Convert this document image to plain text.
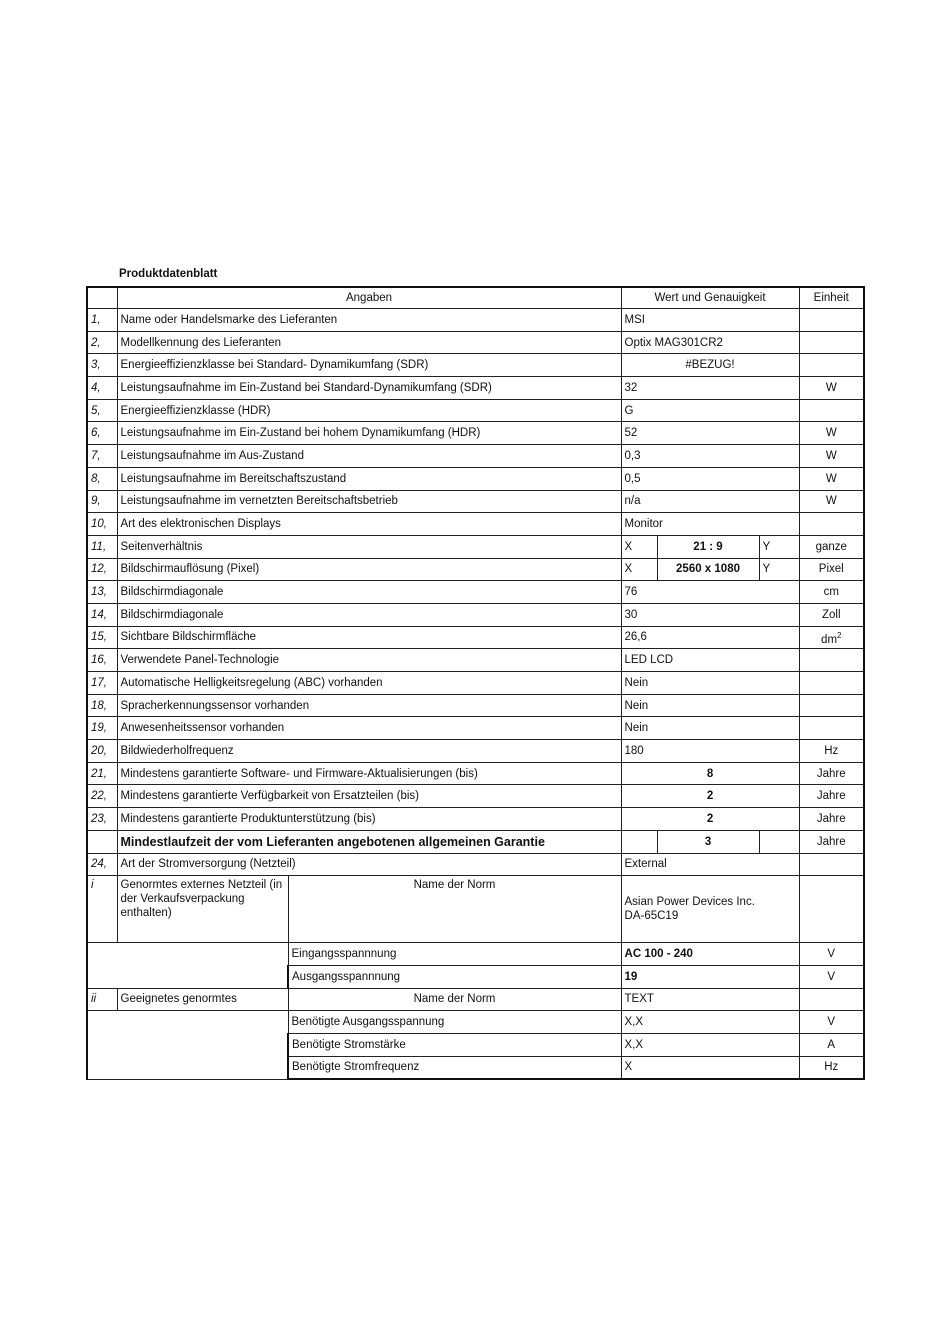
Produktdatenblatt
	Angaben		Wert und Genauigkeit			Einheit
1,	Name oder Handelsmarke des Lieferanten		MSI			
2,	Modellkennung des Lieferanten		Optix MAG301CR2			
3,	Energieeffizienzklasse bei Standard- Dynamikumfang (SDR)		#BEZUG!			
4,	Leistungsaufnahme im Ein-Zustand bei Standard-Dynamikumfang (SDR)		32			W
5,	Energieeffizienzklasse (HDR)		G			
6,	Leistungsaufnahme im Ein-Zustand bei hohem Dynamikumfang (HDR)		52			W
7,	Leistungsaufnahme im Aus-Zustand		0,3			W
8,	Leistungsaufnahme im Bereitschaftszustand		0,5			W
9,	Leistungsaufnahme im vernetzten Bereitschaftsbetrieb		n/a			W
10,	Art des elektronischen Displays		Monitor			
11,	Seitenverhältnis		X	21 : 9	Y	ganze
12,	Bildschirmauflösung (Pixel)		X	2560 x 1080	Y	Pixel
13,	Bildschirmdiagonale		76			cm
14,	Bildschirmdiagonale		30			Zoll
15,	Sichtbare Bildschirmfläche		26,6			$dm^2$
16,	Verwendete Panel-Technologie		LED LCD			
17,	Automatische Helligkeitsregelung (ABC) vorhanden		Nein			
18,	Spracherkennungssensor vorhanden		Nein			
19,	Anwesenheitssensor vorhanden		Nein			
20,	Bildwiederholfrequenz		180			Hz
21,	Mindestens garantierte Software- und Firmware-Aktualisierungen (bis)		8			Jahre
22,	Mindestens garantierte Verfügbarkeit von Ersatzteilen (bis)		2			Jahre
23,	Mindestens garantierte Produktunterstützung (bis)		2			Jahre
	Mindestlaufzeit der vom Lieferanten angebotenen allgemeinen Garantie			3		Jahre
24,	Art der Stromversorgung (Netzteil)		External			
i	Genormtes externes Netzteil (in der Verkaufsverpackung enthalten)	Name der Norm	Asian Power Devices Inc.
DA-65C19			

		Eingangsspannnung	AC 100 - 240			V
		Ausgangsspannnung	19			V
ii	Geeignetes genormtes	Name der Norm	TEXT			
		Benötigte Ausgangsspannung	X,X			V
		Benötigte Stromstärke	X,X			A
		Benötigte Stromfrequenz	X			Hz
